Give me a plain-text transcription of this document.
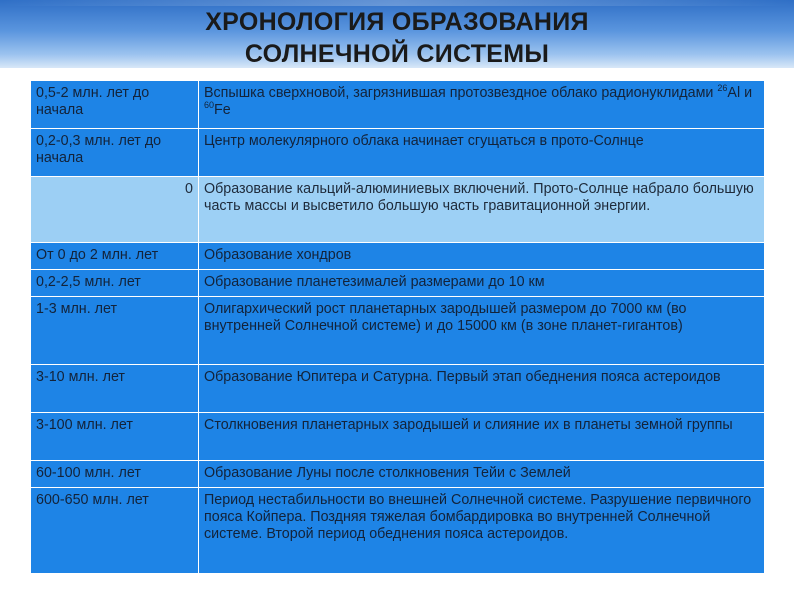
ХРОНОЛОГИЯ ОБРАЗОВАНИЯ
СОЛНЕЧНОЙ СИСТЕМЫ
0,5-2 млн. лет до начала	Вспышка сверхновой, загрязнившая протозвездное облако радионуклидами $^{26}$Al и $^{60}$Fe
0,2-0,3 млн. лет до начала	Центр молекулярного облака начинает сгущаться в прото-Солнце
0	Образование кальций-алюминиевых включений. Прото-Солнце набрало большую часть массы и высветило большую часть гравитационной энергии.
От 0 до 2 млн. лет	Образование хондров
0,2-2,5 млн. лет	Образование планетезималей размерами до 10 км
1-3 млн. лет	Олигархический рост планетарных зародышей размером до 7000 км (во внутренней Солнечной системе) и до 15000 км (в зоне планет-гигантов)
3-10 млн. лет	Образование Юпитера и Сатурна. Первый этап обеднения пояса астероидов
3-100 млн. лет	Столкновения планетарных зародышей и слияние их в планеты земной группы
60-100 млн. лет	Образование Луны после столкновения Тейи с Землей
600-650 млн. лет	Период нестабильности во внешней Солнечной системе. Разрушение первичного пояса Койпера. Поздняя тяжелая бомбардировка во внутренней Солнечной системе. Второй период обеднения пояса астероидов.
